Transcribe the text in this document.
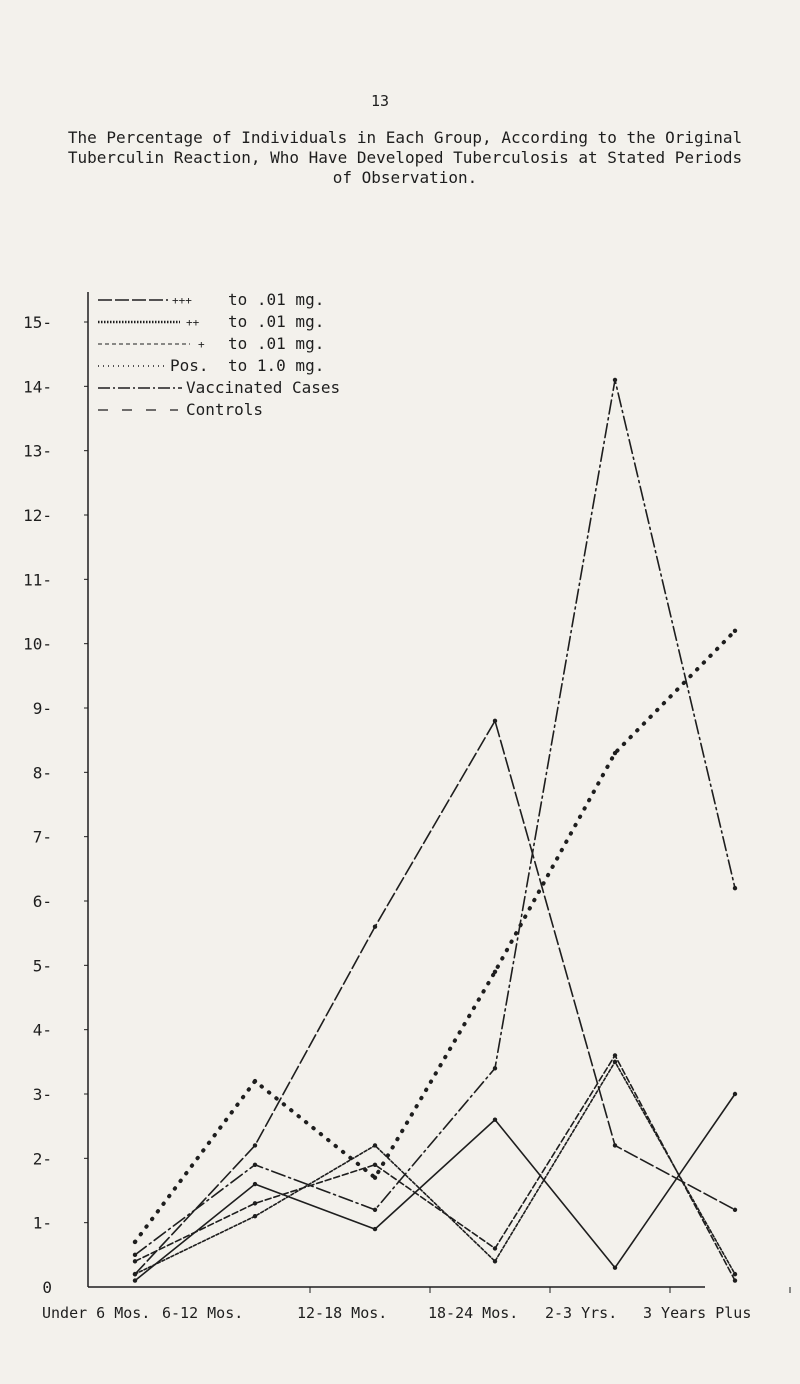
13
The Percentage of Individuals in Each Group, According to the Original
Tuberculin Reaction, Who Have Developed Tuberculosis at Stated Periods
of Observation.
15-
14-
13-
12-
11-
10-
9-
8-
7-
6-
5-
4-
3-
2-
1-
0
Under 6 Mos. 6-12 Mos.	12-18 Mos.	18-24 Mos. 2-3 Yrs. 3 Years Plus
+++ to .01 mg.
++ to .01 mg.
+ to .01 mg.
Pos. to 1.0 mg.
Vaccinated Cases
Controls
